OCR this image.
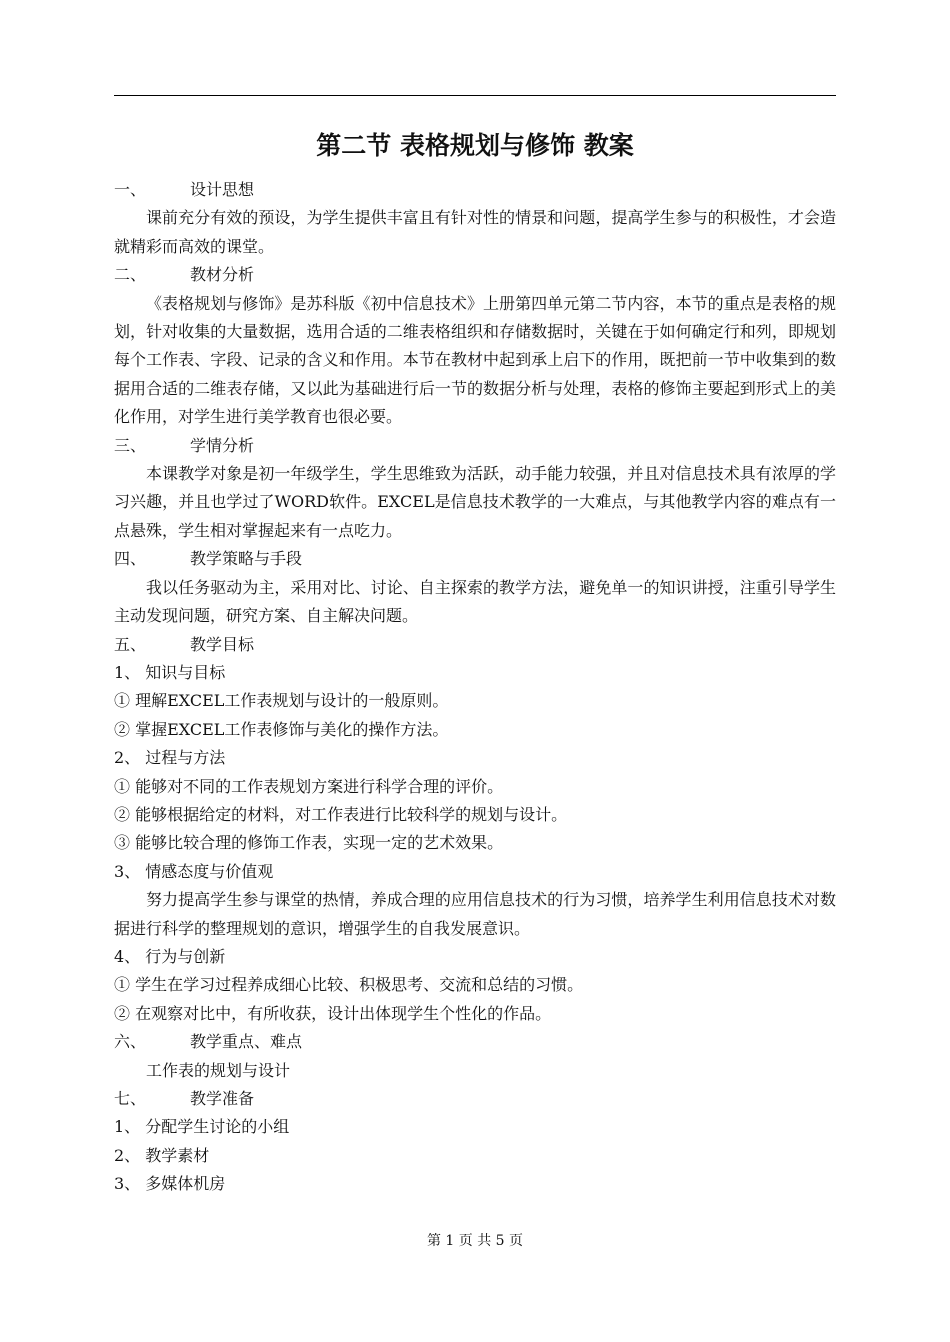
第二节 表格规划与修饰 教案

一、	设计思想

课前充分有效的预设，为学生提供丰富且有针对性的情景和问题，提高学生参与的积极性，才会造就精彩而高效的课堂。

二、	教材分析

《表格规划与修饰》是苏科版《初中信息技术》上册第四单元第二节内容，本节的重点是表格的规划，针对收集的大量数据，选用合适的二维表格组织和存储数据时，关键在于如何确定行和列，即规划每个工作表、字段、记录的含义和作用。本节在教材中起到承上启下的作用，既把前一节中收集到的数据用合适的二维表存储，又以此为基础进行后一节的数据分析与处理，表格的修饰主要起到形式上的美化作用，对学生进行美学教育也很必要。

三、	学情分析

本课教学对象是初一年级学生，学生思维致为活跃，动手能力较强，并且对信息技术具有浓厚的学习兴趣，并且也学过了WORD软件。EXCEL是信息技术教学的一大难点，与其他教学内容的难点有一点悬殊，学生相对掌握起来有一点吃力。

四、	教学策略与手段

我以任务驱动为主，采用对比、讨论、自主探索的教学方法，避免单一的知识讲授，注重引导学生主动发现问题，研究方案、自主解决问题。

五、	教学目标

1、 知识与目标

① 理解EXCEL工作表规划与设计的一般原则。

② 掌握EXCEL工作表修饰与美化的操作方法。

2、 过程与方法

① 能够对不同的工作表规划方案进行科学合理的评价。

② 能够根据给定的材料，对工作表进行比较科学的规划与设计。

③ 能够比较合理的修饰工作表，实现一定的艺术效果。

3、 情感态度与价值观

努力提高学生参与课堂的热情，养成合理的应用信息技术的行为习惯，培养学生利用信息技术对数据进行科学的整理规划的意识，增强学生的自我发展意识。

4、 行为与创新

① 学生在学习过程养成细心比较、积极思考、交流和总结的习惯。

② 在观察对比中，有所收获，设计出体现学生个性化的作品。

六、	教学重点、难点

工作表的规划与设计

七、	教学准备

1、 分配学生讨论的小组

2、 教学素材

3、 多媒体机房

第 1 页 共 5 页
